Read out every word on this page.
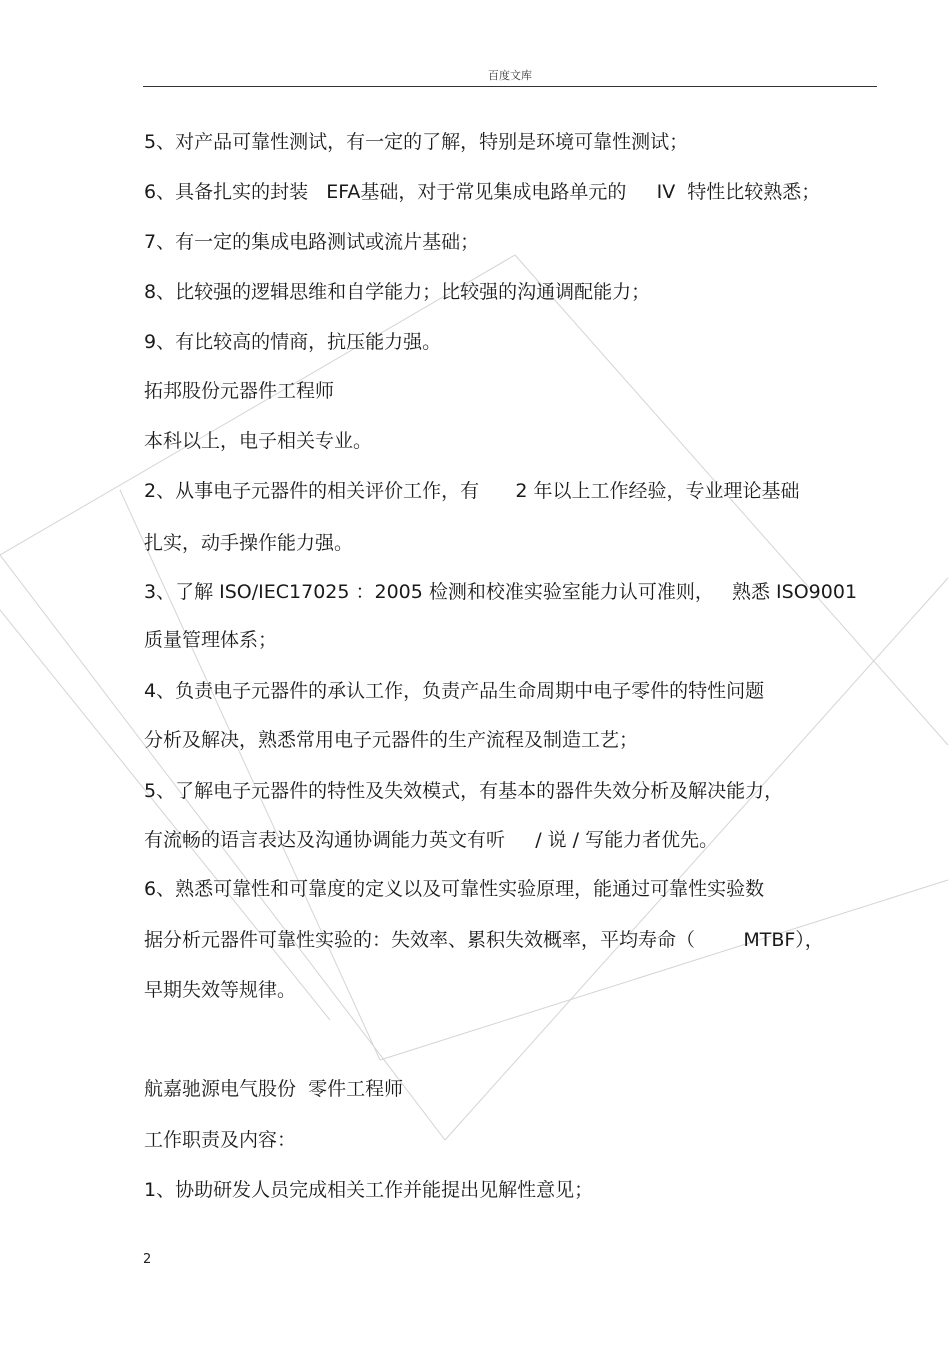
百度文库

5、对产品可靠性测试，有一定的了解，特别是环境可靠性测试；

6、具备扎实的封装   EFA基础，对于常见集成电路单元的     IV  特性比较熟悉；

7、有一定的集成电路测试或流片基础；

8、比较强的逻辑思维和自学能力；比较强的沟通调配能力；

9、有比较高的情商，抗压能力强。

拓邦股份元器件工程师

本科以上，电子相关专业。

2、从事电子元器件的相关评价工作，有      2 年以上工作经验，专业理论基础

扎实，动手操作能力强。

3、了解 ISO/IEC17025 ：2005 检测和校准实验室能力认可准则，   熟悉 ISO9001

质量管理体系；

4、负责电子元器件的承认工作，负责产品生命周期中电子零件的特性问题

分析及解决，熟悉常用电子元器件的生产流程及制造工艺；

5、了解电子元器件的特性及失效模式，有基本的器件失效分析及解决能力，

有流畅的语言表达及沟通协调能力英文有听     / 说 / 写能力者优先。

6、熟悉可靠性和可靠度的定义以及可靠性实验原理，能通过可靠性实验数

据分析元器件可靠性实验的：失效率、累积失效概率，平均寿命（        MTBF），

早期失效等规律。

航嘉驰源电气股份  零件工程师

工作职责及内容：

1、协助研发人员完成相关工作并能提出见解性意见；

2
